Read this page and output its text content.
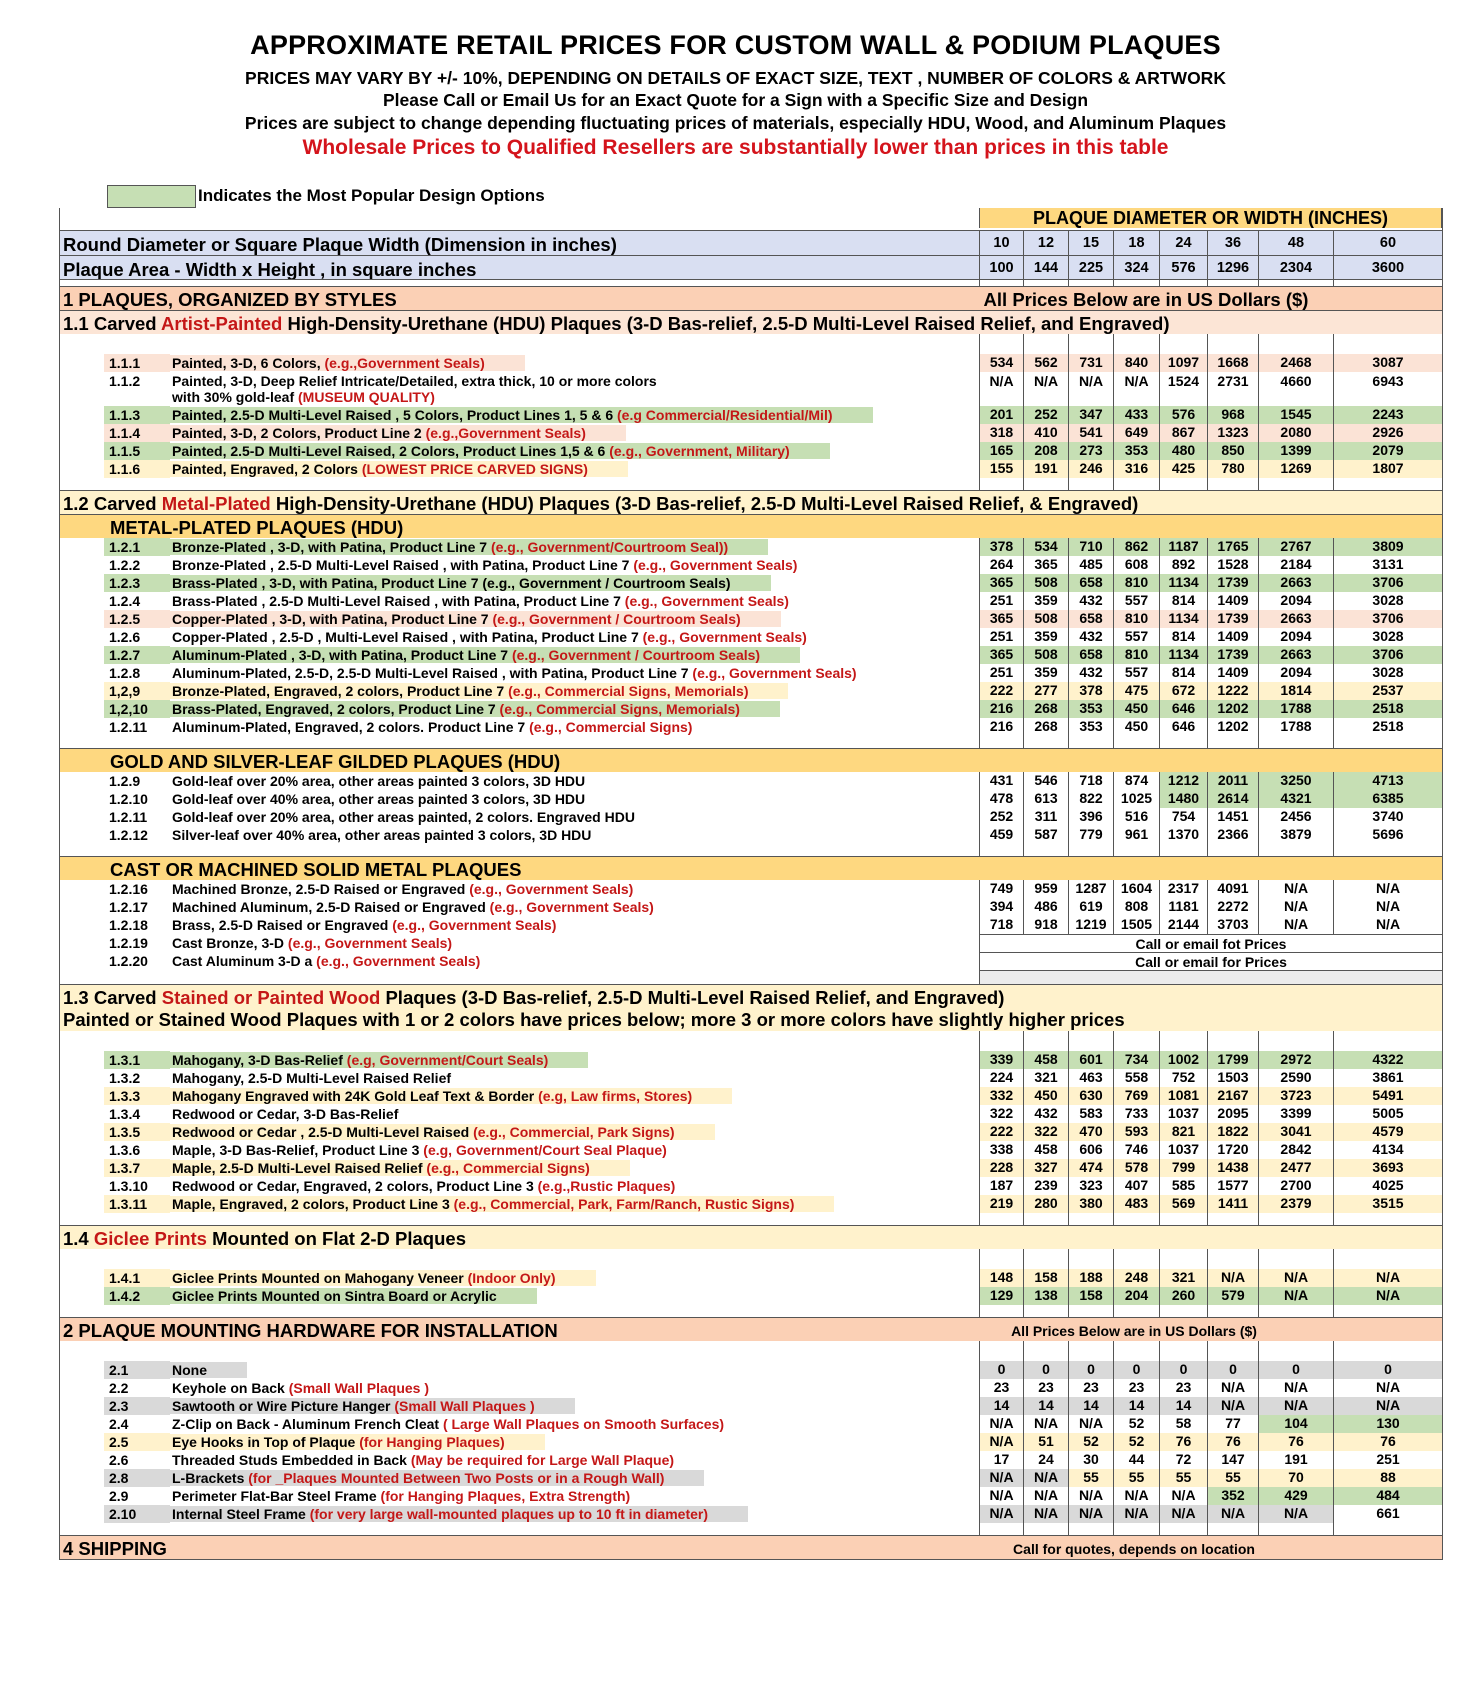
APPROXIMATE RETAIL PRICES FOR CUSTOM WALL & PODIUM PLAQUES
PRICES MAY VARY BY +/- 10%, DEPENDING ON DETAILS OF EXACT SIZE, TEXT , NUMBER OF COLORS & ARTWORK
Please Call or Email Us for an Exact Quote for a Sign with a Specific Size and Design
Prices are subject to change depending fluctuating prices of materials, especially HDU, Wood, and Aluminum Plaques
Wholesale Prices to Qualified Resellers are substantially lower than prices in this table
Indicates the Most Popular Design Options
PLAQUE DIAMETER OR WIDTH (INCHES)
Round Diameter or Square Plaque Width (Dimension in inches)	10	12	15	18	24	36	48	60
Plaque Area - Width x Height , in square inches	100	144	225	324	576	1296	2304	3600
1 PLAQUES, ORGANIZED BY STYLES	All Prices Below are in US Dollars ($)
1.1 Carved Artist-Painted High-Density-Urethane (HDU) Plaques (3-D Bas-relief, 2.5-D Multi-Level Raised Relief, and Engraved)
1.1.1	Painted, 3-D, 6 Colors, (e.g.,Government Seals)	534	562	731	840	1097	1668	2468	3087
1.1.2	Painted, 3-D, Deep Relief Intricate/Detailed, extra thick, 10 or more colors
with 30% gold-leaf (MUSEUM QUALITY)
N/A	N/A	N/A	N/A	1524	2731	4660	6943
1.1.3	Painted, 2.5-D Multi-Level Raised , 5 Colors, Product Lines 1, 5 & 6 (e.g Commercial/Residential/Mil)	201	252	347	433	576	968	1545	2243
1.1.4	Painted, 3-D, 2 Colors, Product Line 2 (e.g.,Government Seals)	318	410	541	649	867	1323	2080	2926
1.1.5	Painted, 2.5-D Multi-Level Raised, 2 Colors, Product Lines 1,5 & 6 (e.g., Government, Military)	165	208	273	353	480	850	1399	2079
1.1.6	Painted, Engraved, 2 Colors (LOWEST PRICE CARVED SIGNS)	155	191	246	316	425	780	1269	1807
1.2 Carved Metal-Plated High-Density-Urethane (HDU) Plaques (3-D Bas-relief, 2.5-D Multi-Level Raised Relief, & Engraved)
METAL-PLATED PLAQUES (HDU)
1.2.1	Bronze-Plated , 3-D, with Patina, Product Line 7 (e.g., Government/Courtroom Seal))	378	534	710	862	1187	1765	2767	3809
1.2.2	Bronze-Plated , 2.5-D Multi-Level Raised , with Patina, Product Line 7 (e.g., Government Seals)	264	365	485	608	892	1528	2184	3131
1.2.3	Brass-Plated , 3-D, with Patina, Product Line 7 (e.g., Government / Courtroom Seals)	365	508	658	810	1134	1739	2663	3706
1.2.4	Brass-Plated , 2.5-D Multi-Level Raised , with Patina, Product Line 7 (e.g., Government Seals)	251	359	432	557	814	1409	2094	3028
1.2.5	Copper-Plated , 3-D, with Patina, Product Line 7 (e.g., Government / Courtroom Seals)	365	508	658	810	1134	1739	2663	3706
1.2.6	Copper-Plated , 2.5-D , Multi-Level Raised , with Patina, Product Line 7 (e.g., Government Seals)	251	359	432	557	814	1409	2094	3028
1.2.7	Aluminum-Plated , 3-D, with Patina, Product Line 7 (e.g., Government / Courtroom Seals)	365	508	658	810	1134	1739	2663	3706
1.2.8	Aluminum-Plated, 2.5-D, 2.5-D Multi-Level Raised , with Patina, Product Line 7 (e.g., Government Seals)	251	359	432	557	814	1409	2094	3028
1,2,9	Bronze-Plated, Engraved, 2 colors, Product Line 7 (e.g., Commercial Signs, Memorials)	222	277	378	475	672	1222	1814	2537
1,2,10	Brass-Plated, Engraved, 2 colors, Product Line 7 (e.g., Commercial Signs, Memorials)	216	268	353	450	646	1202	1788	2518
1.2.11	Aluminum-Plated, Engraved, 2 colors. Product Line 7 (e.g., Commercial Signs)	216	268	353	450	646	1202	1788	2518
GOLD AND SILVER-LEAF GILDED PLAQUES (HDU)
1.2.9	Gold-leaf over 20% area, other areas painted 3 colors, 3D HDU	431	546	718	874	1212	2011	3250	4713
1.2.10	Gold-leaf over 40% area, other areas painted 3 colors, 3D HDU	478	613	822	1025	1480	2614	4321	6385
1.2.11	Gold-leaf over 20% area, other areas painted, 2 colors. Engraved HDU	252	311	396	516	754	1451	2456	3740
1.2.12	Silver-leaf over 40% area, other areas painted 3 colors, 3D HDU	459	587	779	961	1370	2366	3879	5696
CAST OR MACHINED SOLID METAL PLAQUES
1.2.16	Machined Bronze, 2.5-D Raised or Engraved (e.g., Government Seals)	749	959	1287	1604	2317	4091	N/A	N/A
1.2.17	Machined Aluminum, 2.5-D Raised or Engraved (e.g., Government Seals)	394	486	619	808	1181	2272	N/A	N/A
1.2.18	Brass, 2.5-D Raised or Engraved (e.g., Government Seals)	718	918	1219	1505	2144	3703	N/A	N/A
1.2.19	Cast Bronze, 3-D (e.g., Government Seals)	Call or email fot Prices
1.2.20	Cast Aluminum 3-D a (e.g., Government Seals)	Call or email for Prices
1.3 Carved Stained or Painted Wood Plaques (3-D Bas-relief, 2.5-D Multi-Level Raised Relief, and Engraved)
Painted or Stained Wood Plaques with 1 or 2 colors have prices below; more 3 or more colors have slightly higher prices
1.3.1	Mahogany, 3-D Bas-Relief (e.g, Government/Court Seals)	339	458	601	734	1002	1799	2972	4322
1.3.2	Mahogany, 2.5-D Multi-Level Raised Relief	224	321	463	558	752	1503	2590	3861
1.3.3	Mahogany Engraved with 24K Gold Leaf Text & Border (e.g, Law firms, Stores)	332	450	630	769	1081	2167	3723	5491
1.3.4	Redwood or Cedar, 3-D Bas-Relief	322	432	583	733	1037	2095	3399	5005
1.3.5	Redwood or Cedar , 2.5-D Multi-Level Raised (e.g., Commercial, Park Signs)	222	322	470	593	821	1822	3041	4579
1.3.6	Maple, 3-D Bas-Relief, Product Line 3 (e.g, Government/Court Seal Plaque)	338	458	606	746	1037	1720	2842	4134
1.3.7	Maple, 2.5-D Multi-Level Raised Relief (e.g., Commercial Signs)	228	327	474	578	799	1438	2477	3693
1.3.10	Redwood or Cedar, Engraved, 2 colors, Product Line 3 (e.g.,Rustic Plaques)	187	239	323	407	585	1577	2700	4025
1.3.11	Maple, Engraved, 2 colors, Product Line 3 (e.g., Commercial, Park, Farm/Ranch, Rustic Signs)	219	280	380	483	569	1411	2379	3515
1.4 Giclee Prints Mounted on Flat 2-D Plaques
1.4.1	Giclee Prints Mounted on Mahogany Veneer (Indoor Only)	148	158	188	248	321	N/A	N/A	N/A
1.4.2	Giclee Prints Mounted on Sintra Board or Acrylic	129	138	158	204	260	579	N/A	N/A
2 PLAQUE MOUNTING HARDWARE FOR INSTALLATION	All Prices Below are in US Dollars ($)
2.1	None	0	0	0	0	0	0	0	0
2.2	Keyhole on Back (Small Wall Plaques )	23	23	23	23	23	N/A	N/A	N/A
2.3	Sawtooth or Wire Picture Hanger (Small Wall Plaques )	14	14	14	14	14	N/A	N/A	N/A
2.4	Z-Clip on Back - Aluminum French Cleat ( Large Wall Plaques on Smooth Surfaces)	N/A	N/A	N/A	52	58	77	104	130
2.5	Eye Hooks in Top of Plaque (for Hanging Plaques)	N/A	51	52	52	76	76	76	76
2.6	Threaded Studs Embedded in Back (May be required for Large Wall Plaque)	17	24	30	44	72	147	191	251
2.8	L-Brackets (for _Plaques Mounted Between Two Posts or in a Rough Wall)	N/A	N/A	55	55	55	55	70	88
2.9	Perimeter Flat-Bar Steel Frame (for Hanging Plaques, Extra Strength)	N/A	N/A	N/A	N/A	N/A	352	429	484
2.10	Internal Steel Frame (for very large wall-mounted plaques up to 10 ft in diameter)	N/A	N/A	N/A	N/A	N/A	N/A	N/A	661
4 SHIPPING	Call for quotes, depends on location
